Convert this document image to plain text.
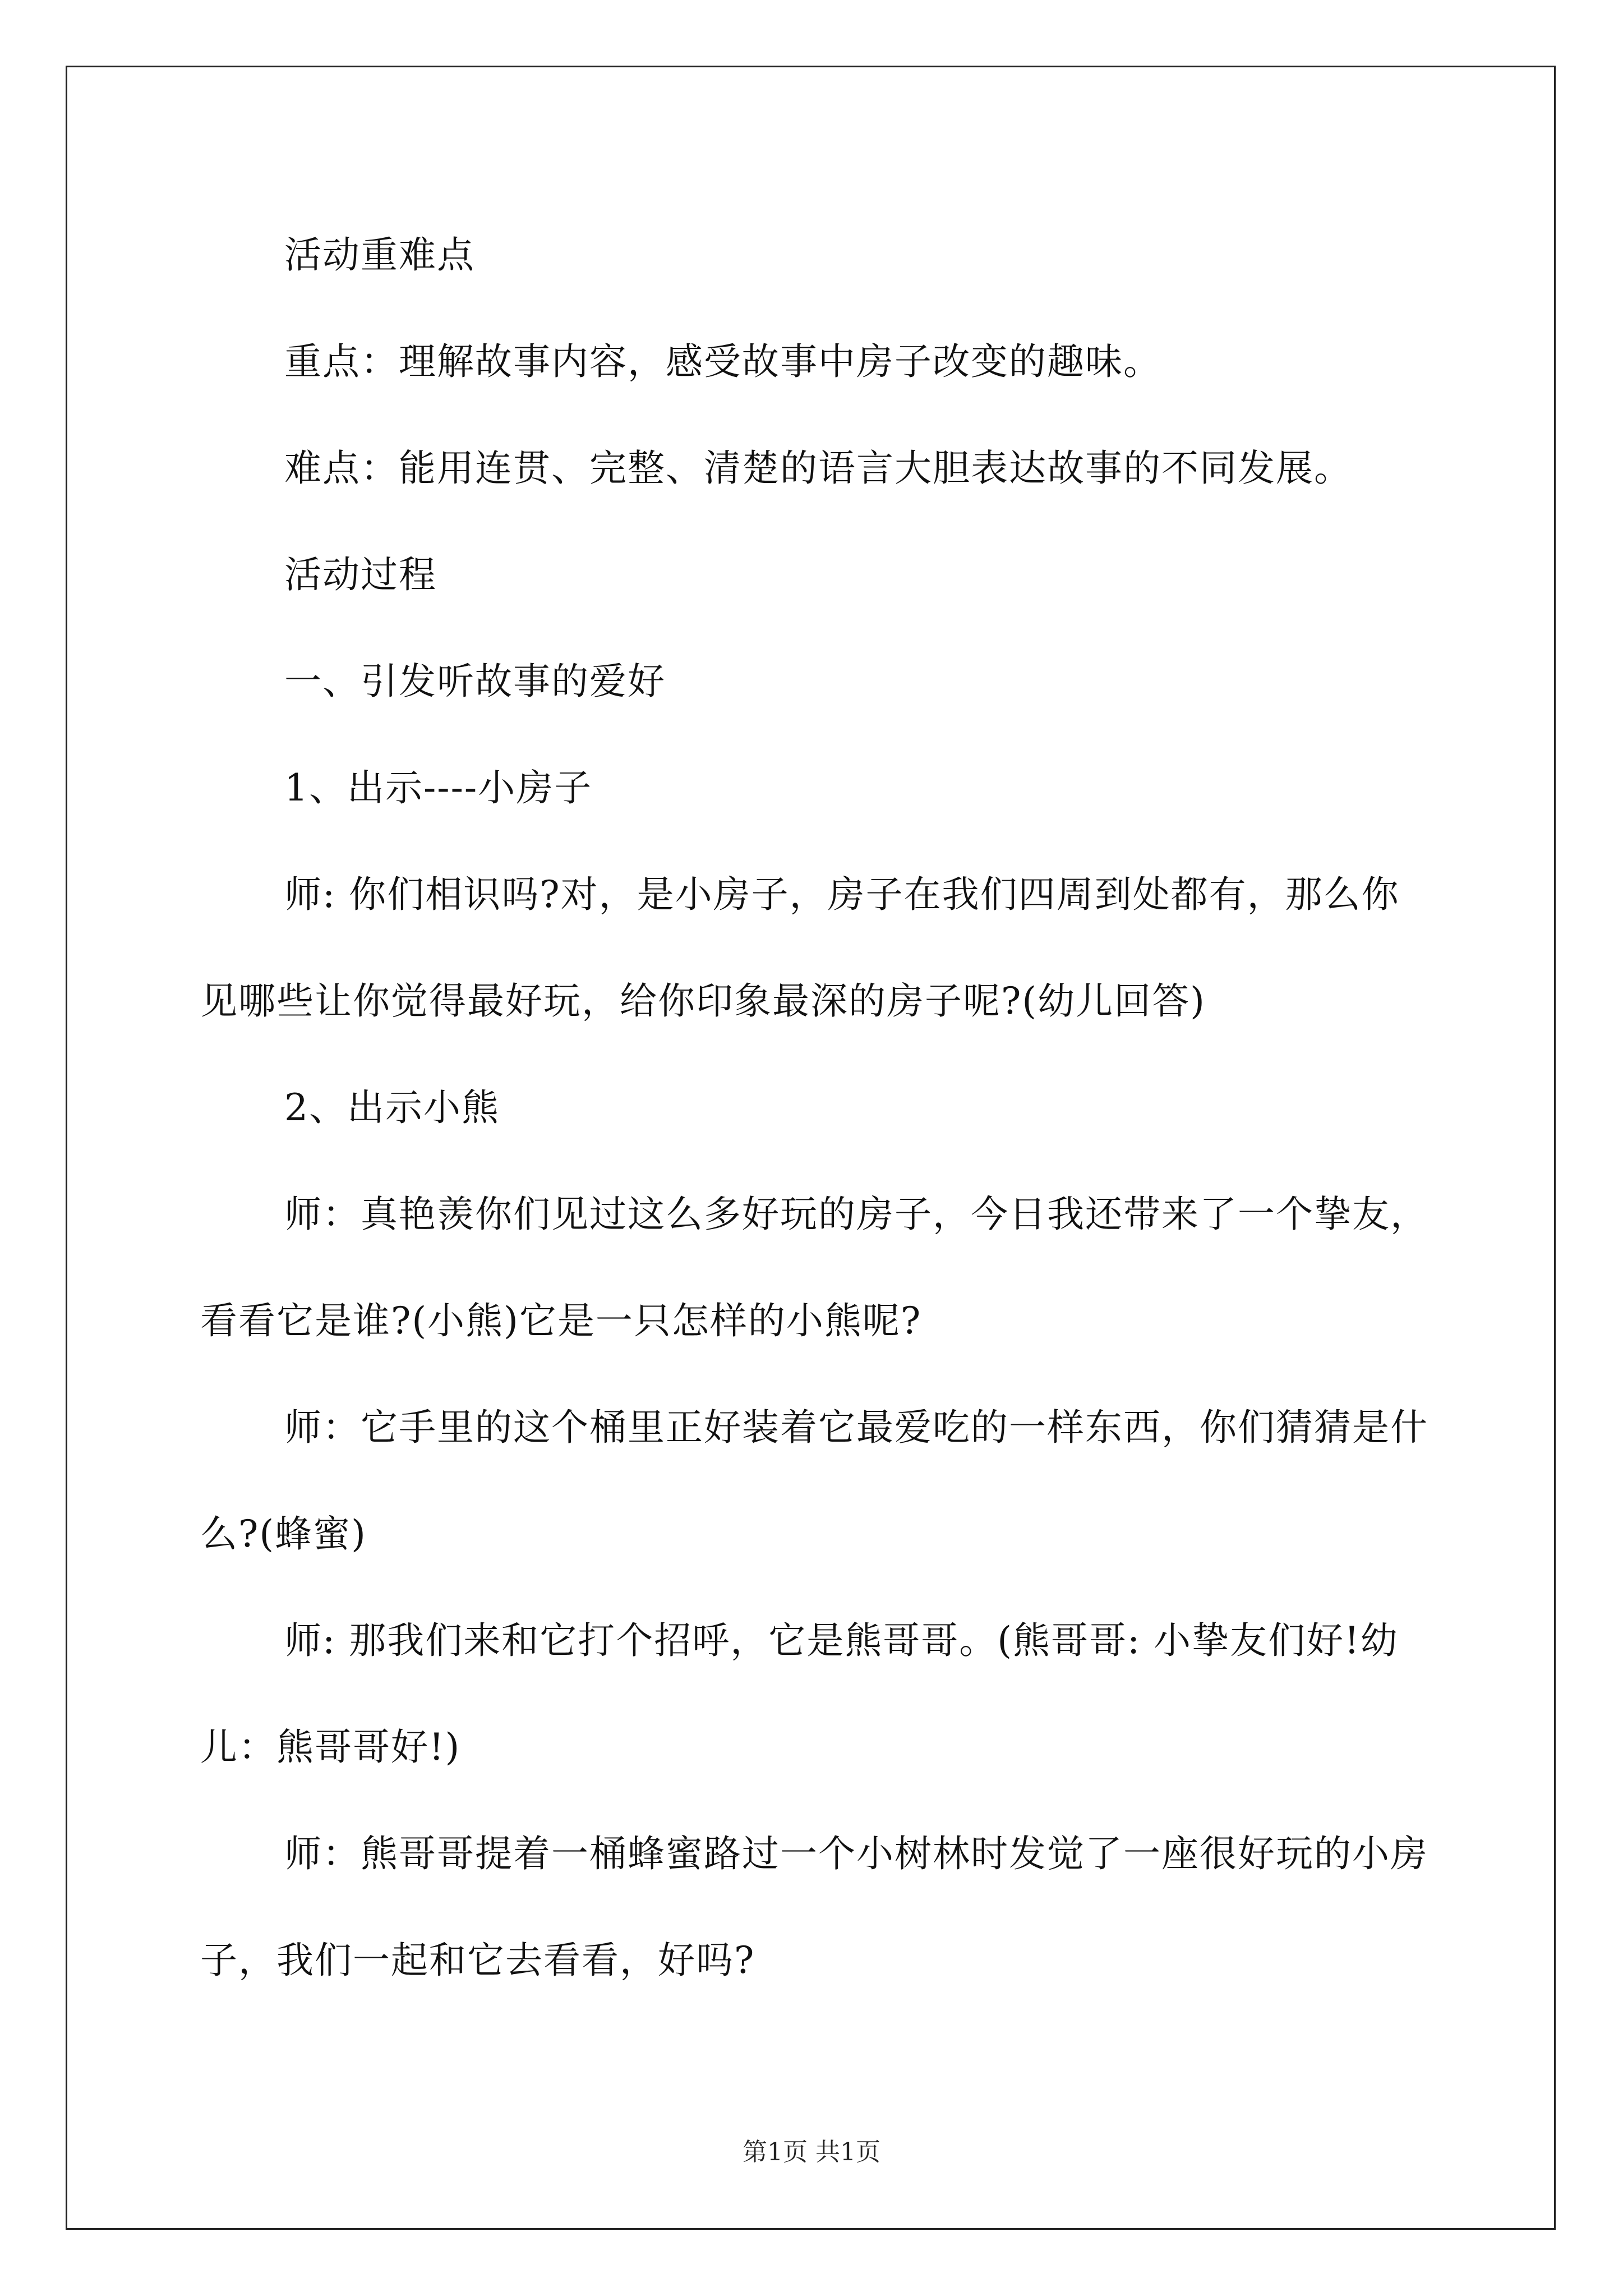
活动重难点

重点：理解故事内容，感受故事中房子改变的趣味。

难点：能用连贯、完整、清楚的语言大胆表达故事的不同发展。

活动过程

一、引发听故事的爱好

1、出示----小房子

师: 你们相识吗?对，是小房子，房子在我们四周到处都有，那么你见哪些让你觉得最好玩，给你印象最深的房子呢?(幼儿回答)

2、出示小熊

师：真艳羡你们见过这么多好玩的房子，今日我还带来了一个挚友，看看它是谁?(小熊)它是一只怎样的小熊呢?

师：它手里的这个桶里正好装着它最爱吃的一样东西，你们猜猜是什么?(蜂蜜)

师: 那我们来和它打个招呼，它是熊哥哥。(熊哥哥: 小挚友们好!幼儿：熊哥哥好!)

师：熊哥哥提着一桶蜂蜜路过一个小树林时发觉了一座很好玩的小房子，我们一起和它去看看，好吗?

第1页 共1页
